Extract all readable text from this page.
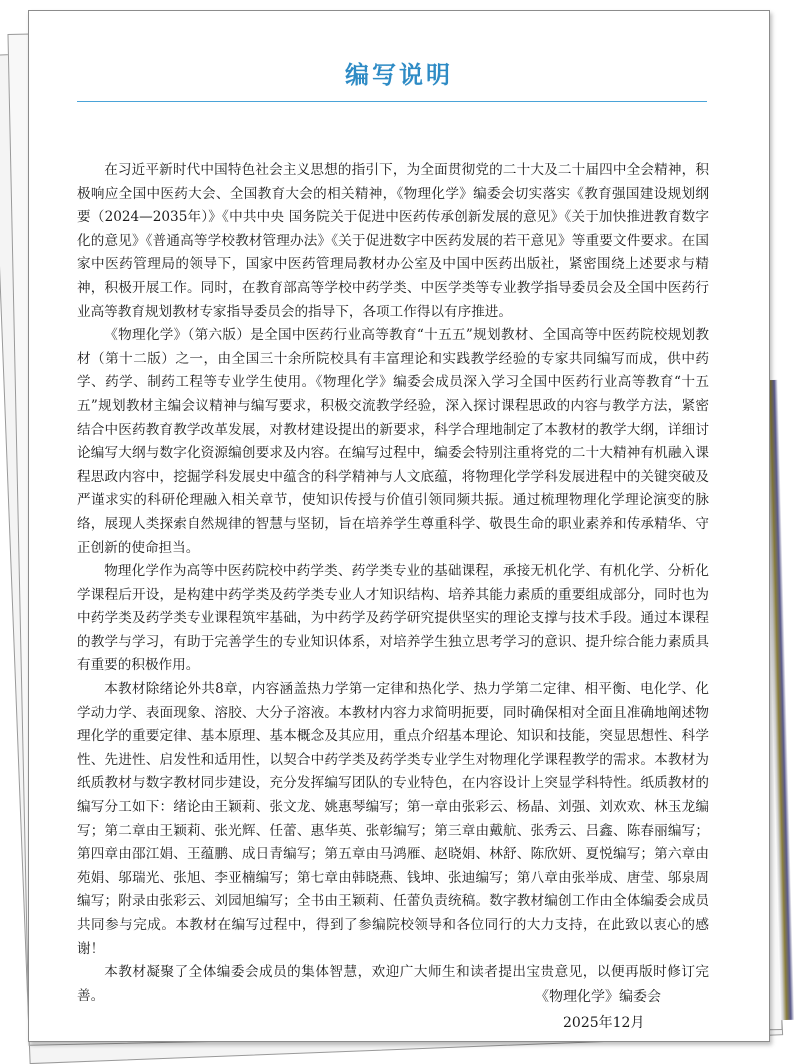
编写说明

在习近平新时代中国特色社会主义思想的指引下，为全面贯彻党的二十大及二十届四中全会精神，积极响应全国中医药大会、全国教育大会的相关精神，《物理化学》编委会切实落实《教育强国建设规划纲要（2024—2035年）》《中共中央 国务院关于促进中医药传承创新发展的意见》《关于加快推进教育数字化的意见》《普通高等学校教材管理办法》《关于促进数字中医药发展的若干意见》等重要文件要求。在国家中医药管理局的领导下，国家中医药管理局教材办公室及中国中医药出版社，紧密围绕上述要求与精神，积极开展工作。同时，在教育部高等学校中药学类、中医学类等专业教学指导委员会及全国中医药行业高等教育规划教材专家指导委员会的指导下，各项工作得以有序推进。

《物理化学》（第六版）是全国中医药行业高等教育“十五五”规划教材、全国高等中医药院校规划教材（第十二版）之一，由全国三十余所院校具有丰富理论和实践教学经验的专家共同编写而成，供中药学、药学、制药工程等专业学生使用。《物理化学》编委会成员深入学习全国中医药行业高等教育“十五五”规划教材主编会议精神与编写要求，积极交流教学经验，深入探讨课程思政的内容与教学方法，紧密结合中医药教育教学改革发展，对教材建设提出的新要求，科学合理地制定了本教材的教学大纲，详细讨论编写大纲与数字化资源编创要求及内容。在编写过程中，编委会特别注重将党的二十大精神有机融入课程思政内容中，挖掘学科发展史中蕴含的科学精神与人文底蕴，将物理化学学科发展进程中的关键突破及严谨求实的科研伦理融入相关章节，使知识传授与价值引领同频共振。通过梳理物理化学理论演变的脉络，展现人类探索自然规律的智慧与坚韧，旨在培养学生尊重科学、敬畏生命的职业素养和传承精华、守正创新的使命担当。

物理化学作为高等中医药院校中药学类、药学类专业的基础课程，承接无机化学、有机化学、分析化学课程后开设，是构建中药学类及药学类专业人才知识结构、培养其能力素质的重要组成部分，同时也为中药学类及药学类专业课程筑牢基础，为中药学及药学研究提供坚实的理论支撑与技术手段。通过本课程的教学与学习，有助于完善学生的专业知识体系，对培养学生独立思考学习的意识、提升综合能力素质具有重要的积极作用。

本教材除绪论外共8章，内容涵盖热力学第一定律和热化学、热力学第二定律、相平衡、电化学、化学动力学、表面现象、溶胶、大分子溶液。本教材内容力求简明扼要，同时确保相对全面且准确地阐述物理化学的重要定律、基本原理、基本概念及其应用，重点介绍基本理论、知识和技能，突显思想性、科学性、先进性、启发性和适用性，以契合中药学类及药学类专业学生对物理化学课程教学的需求。本教材为纸质教材与数字教材同步建设，充分发挥编写团队的专业特色，在内容设计上突显学科特性。纸质教材的编写分工如下：绪论由王颖莉、张文龙、姚惠琴编写；第一章由张彩云、杨晶、刘强、刘欢欢、林玉龙编写；第二章由王颖莉、张光辉、任蕾、惠华英、张彰编写；第三章由戴航、张秀云、吕鑫、陈春丽编写；第四章由邵江娟、王蕴鹏、成日青编写；第五章由马鸿雁、赵晓娟、林舒、陈欣妍、夏悦编写；第六章由苑娟、邬瑞光、张旭、李亚楠编写；第七章由韩晓燕、钱坤、张迪编写；第八章由张举成、唐莹、邬泉周编写；附录由张彩云、刘园旭编写；全书由王颖莉、任蕾负责统稿。数字教材编创工作由全体编委会成员共同参与完成。本教材在编写过程中，得到了参编院校领导和各位同行的大力支持，在此致以衷心的感谢！

本教材凝聚了全体编委会成员的集体智慧，欢迎广大师生和读者提出宝贵意见，以便再版时修订完善。	《物理化学》编委会
2025年12月
